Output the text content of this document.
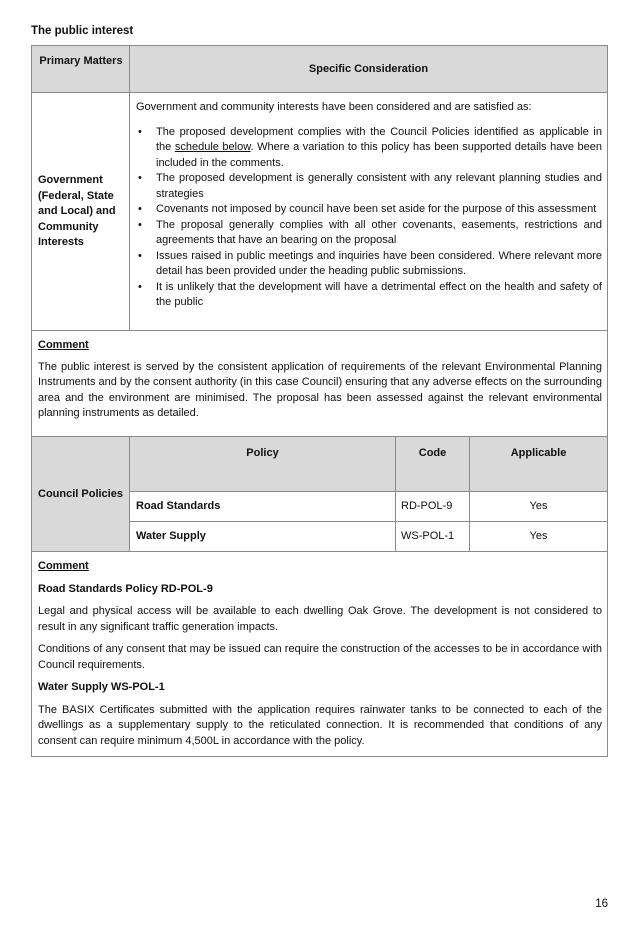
The public interest
Primary Matters
Specific Consideration
Government (Federal, State and Local) and Community Interests

Government and community interests have been considered and are satisfied as:

• The proposed development complies with the Council Policies identified as applicable in the schedule below. Where a variation to this policy has been supported details have been included in the comments.
• The proposed development is generally consistent with any relevant planning studies and strategies
• Covenants not imposed by council have been set aside for the purpose of this assessment
• The proposal generally complies with all other covenants, easements, restrictions and agreements that have an bearing on the proposal
• Issues raised in public meetings and inquiries have been considered. Where relevant more detail has been provided under the heading public submissions.
• It is unlikely that the development will have a detrimental effect on the health and safety of the public

Comment

The public interest is served by the consistent application of requirements of the relevant Environmental Planning Instruments and by the consent authority (in this case Council) ensuring that any adverse effects on the surrounding area and the environment are minimised. The proposal has been assessed against the relevant environmental planning instruments as detailed.

Council Policies
Policy	Code	Applicable
Road Standards	RD-POL-9	Yes
Water Supply	WS-POL-1	Yes

Comment

Road Standards Policy RD-POL-9

Legal and physical access will be available to each dwelling Oak Grove. The development is not considered to result in any significant traffic generation impacts.

Conditions of any consent that may be issued can require the construction of the accesses to be in accordance with Council requirements.

Water Supply WS-POL-1

The BASIX Certificates submitted with the application requires rainwater tanks to be connected to each of the dwellings as a supplementary supply to the reticulated connection. It is recommended that conditions of any consent can require minimum 4,500L in accordance with the policy.

16
